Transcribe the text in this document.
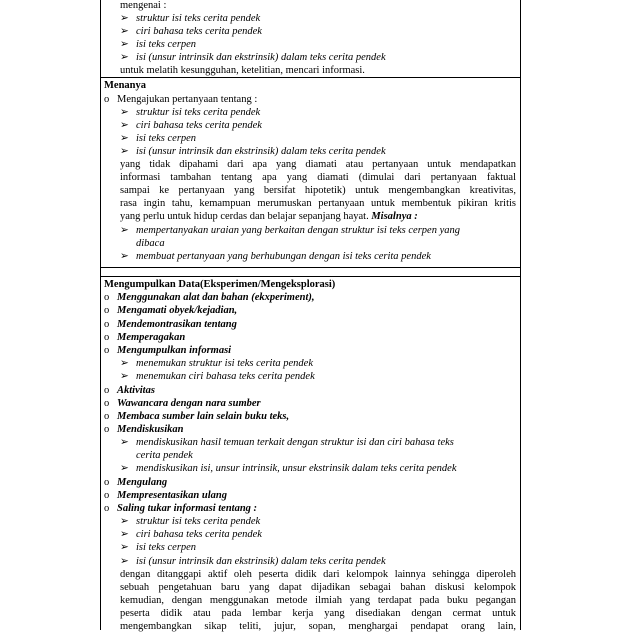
mengenai :
➢ struktur isi teks cerita pendek
➢ ciri bahasa teks cerita pendek
➢ isi teks cerpen
➢ isi (unsur intrinsik dan ekstrinsik) dalam teks cerita pendek
untuk melatih kesungguhan, ketelitian, mencari informasi.
Menanya
o Mengajukan pertanyaan tentang :
➢ struktur isi teks cerita pendek
➢ ciri bahasa teks cerita pendek
➢ isi teks cerpen
➢ isi (unsur intrinsik dan ekstrinsik) dalam teks cerita pendek
yang tidak dipahami dari apa yang diamati atau pertanyaan untuk mendapatkan
informasi tambahan tentang apa yang diamati (dimulai dari pertanyaan faktual
sampai ke pertanyaan yang bersifat hipotetik) untuk mengembangkan kreativitas,
rasa ingin tahu, kemampuan merumuskan pertanyaan untuk membentuk pikiran kritis
yang perlu untuk hidup cerdas dan belajar sepanjang hayat. Misalnya :
➢ mempertanyakan uraian yang berkaitan dengan struktur isi teks cerpen yang
dibaca
➢ membuat pertanyaan yang berhubungan dengan isi teks cerita pendek
Mengumpulkan Data(Eksperimen/Mengeksplorasi)
o Menggunakan alat dan bahan (ekxperiment),
o Mengamati obyek/kejadian,
o Mendemontrasikan tentang
o Memperagakan
o Mengumpulkan informasi
➢ menemukan struktur isi teks cerita pendek
➢ menemukan ciri bahasa teks cerita pendek
o Aktivitas
o Wawancara dengan nara sumber
o Membaca sumber lain selain buku teks,
o Mendiskusikan
➢ mendiskusikan hasil temuan terkait dengan struktur isi dan ciri bahasa teks
cerita pendek
➢ mendiskusikan isi, unsur intrinsik, unsur ekstrinsik dalam teks cerita pendek
o Mengulang
o Mempresentasikan ulang
o Saling tukar informasi tentang :
➢ struktur isi teks cerita pendek
➢ ciri bahasa teks cerita pendek
➢ isi teks cerpen
➢ isi (unsur intrinsik dan ekstrinsik) dalam teks cerita pendek
dengan ditanggapi aktif oleh peserta didik dari kelompok lainnya sehingga diperoleh
sebuah pengetahuan baru yang dapat dijadikan sebagai bahan diskusi kelompok
kemudian, dengan menggunakan metode ilmiah yang terdapat pada buku pegangan
peserta didik atau pada lembar kerja yang disediakan dengan cermat untuk
mengembangkan sikap teliti, jujur, sopan, menghargai pendapat orang lain,
